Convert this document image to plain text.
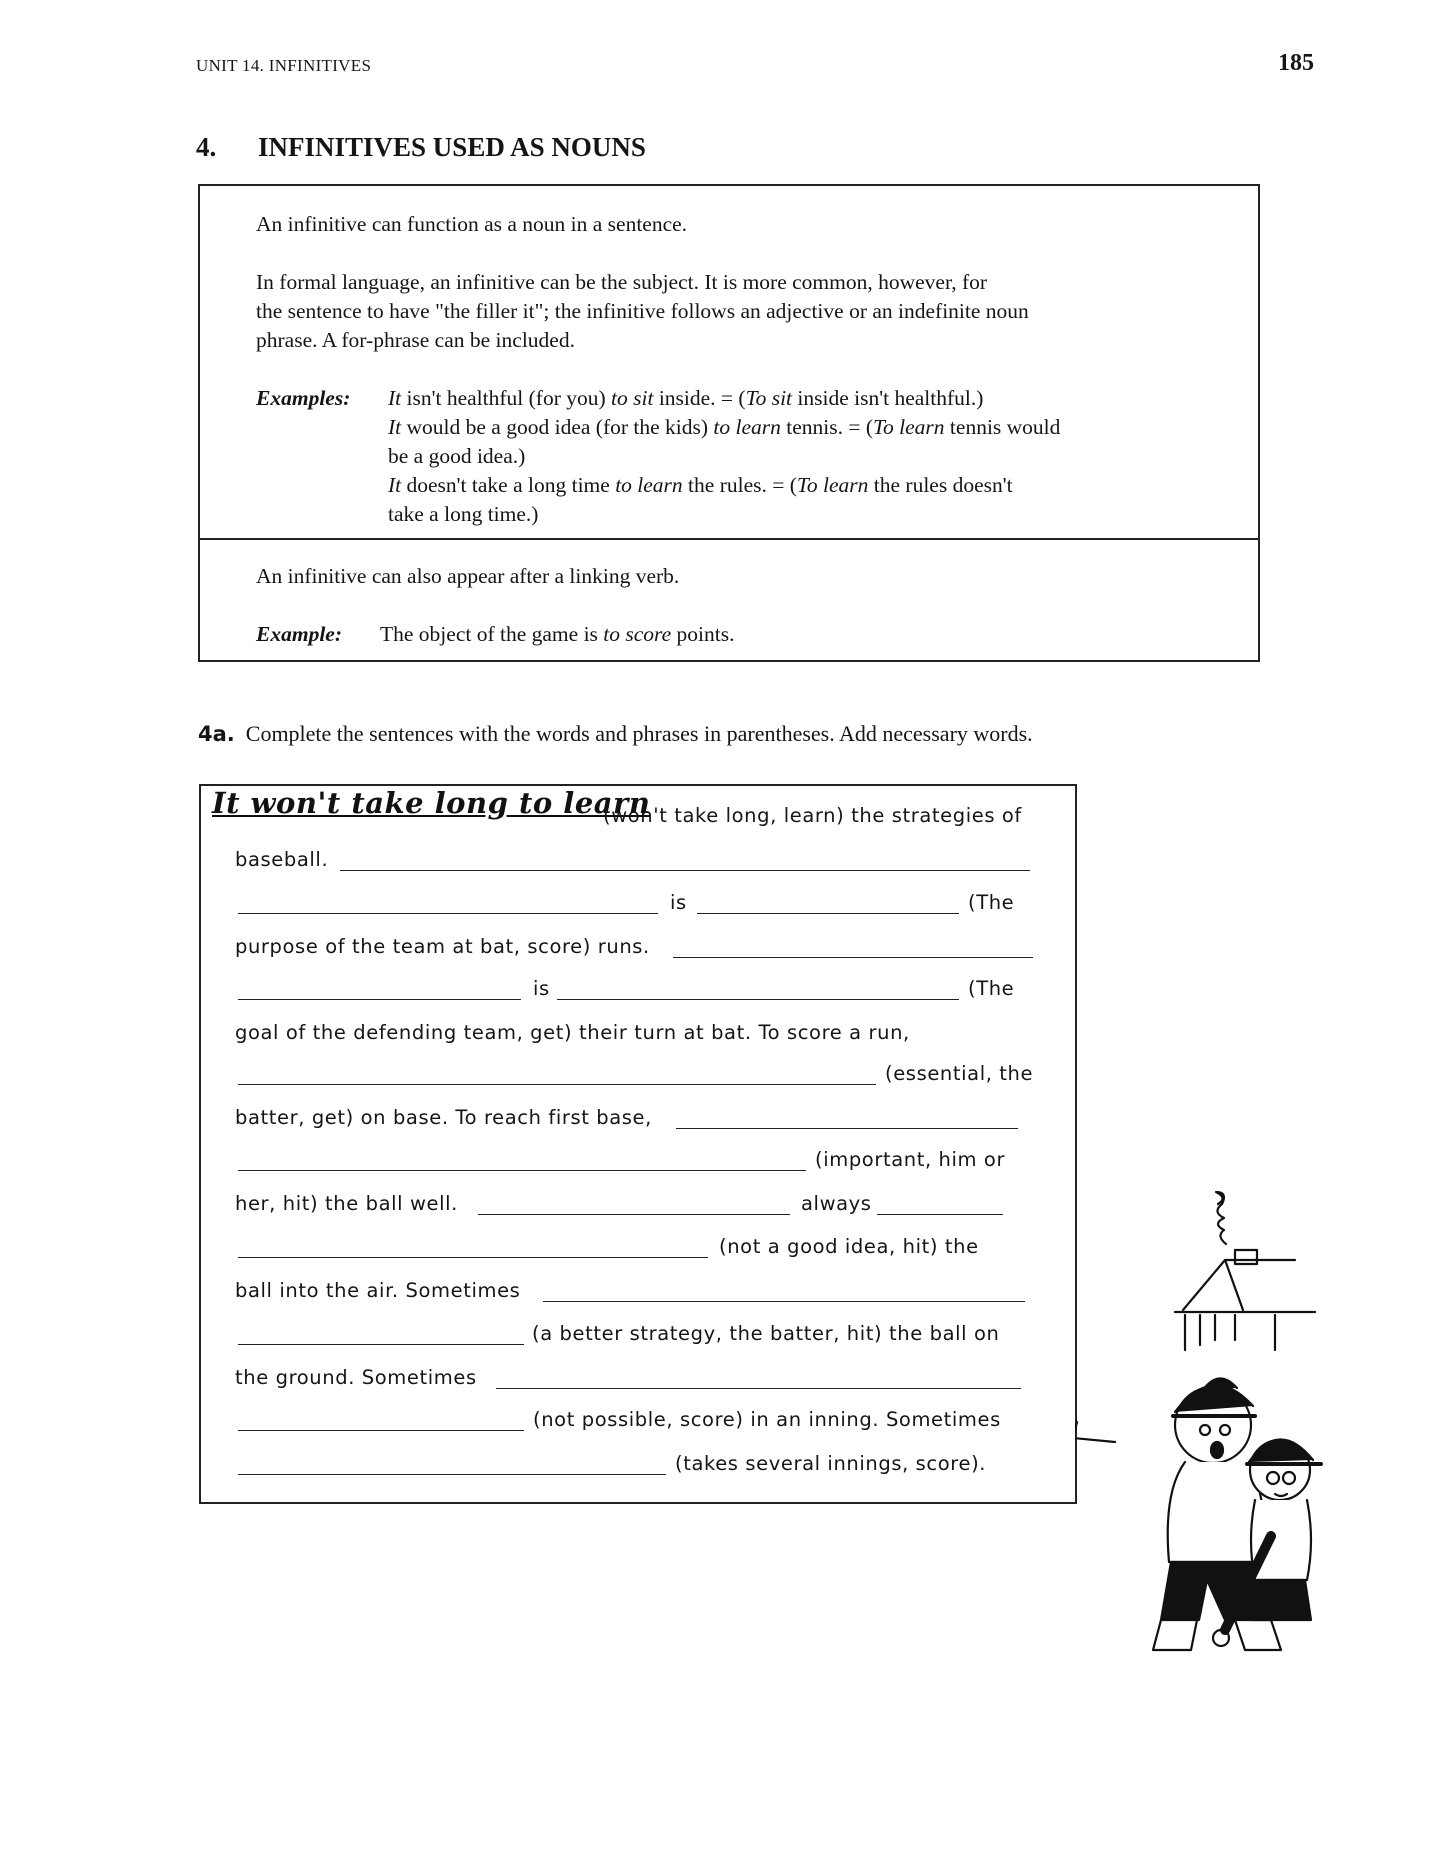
UNIT 14. INFINITIVES	185
4. INFINITIVES USED AS NOUNS
An infinitive can function as a noun in a sentence.
In formal language, an infinitive can be the subject. It is more common, however, for
the sentence to have "the filler it"; the infinitive follows an adjective or an indefinite noun
phrase. A for-phrase can be included.
Examples: It isn't healthful (for you) to sit inside. = (To sit inside isn't healthful.)
It would be a good idea (for the kids) to learn tennis. = (To learn tennis would
be a good idea.)
It doesn't take a long time to learn the rules. = (To learn the rules doesn't
take a long time.)
An infinitive can also appear after a linking verb.
Example: The object of the game is to score points.
4a. Complete the sentences with the words and phrases in parentheses. Add necessary words.
It won't take long to learn
(won't take long, learn) the strategies of
baseball.
is	(The
purpose of the team at bat, score) runs.
is	(The
goal of the defending team, get) their turn at bat. To score a run,
(essential, the
batter, get) on base. To reach first base,
(important, him or
her, hit) the ball well.	always
(not a good idea, hit) the
ball into the air. Sometimes
(a better strategy, the batter, hit) the ball on
the ground. Sometimes
(not possible, score) in an inning. Sometimes
(takes several innings, score).
